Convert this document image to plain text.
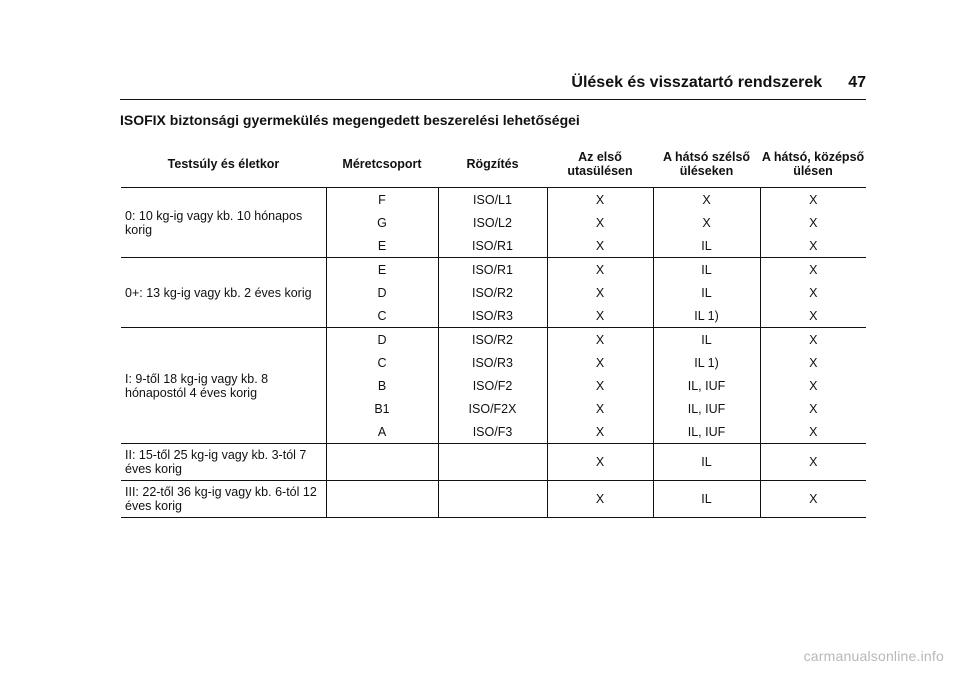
Ülések és visszatartó rendszerek 47
ISOFIX biztonsági gyermekülés megengedett beszerelési lehetőségei
Testsúly és életkor	Méretcsoport	Rögzítés	Az első utasülésen	A hátsó szélső üléseken	A hátsó, középső ülésen
0: 10 kg-ig vagy kb. 10 hónapos korig	F	ISO/L1	X	X	X
	G	ISO/L2	X	X	X
	E	ISO/R1	X	IL	X
0+: 13 kg-ig vagy kb. 2 éves korig	E	ISO/R1	X	IL	X
	D	ISO/R2	X	IL	X
	C	ISO/R3	X	IL 1)	X
I: 9-től 18 kg-ig vagy kb. 8 hónapostól 4 éves korig	D	ISO/R2	X	IL	X
	C	ISO/R3	X	IL 1)	X
	B	ISO/F2	X	IL, IUF	X
	B1	ISO/F2X	X	IL, IUF	X
	A	ISO/F3	X	IL, IUF	X
II: 15-től 25 kg-ig vagy kb. 3-tól 7 éves korig			X	IL	X
III: 22-től 36 kg-ig vagy kb. 6-tól 12 éves korig			X	IL	X
carmanualsonline.info
